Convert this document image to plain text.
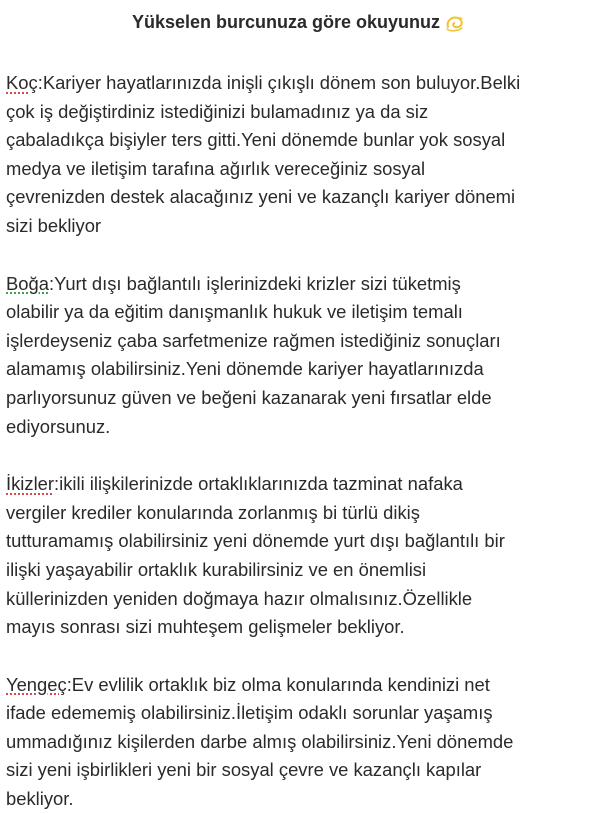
Yükselen burcunuza göre okuyunuz

Koç:Kariyer hayatlarınızda inişli çıkışlı dönem son buluyor.Belki

çok iş değiştirdiniz istediğinizi bulamadınız ya da siz

çabaladıkça bişiyler ters gitti.Yeni dönemde bunlar yok sosyal

medya ve iletişim tarafına ağırlık vereceğiniz sosyal

çevrenizden destek alacağınız yeni ve kazançlı kariyer dönemi

sizi bekliyor

Boğa:Yurt dışı bağlantılı işlerinizdeki krizler sizi tüketmiş

olabilir ya da eğitim danışmanlık hukuk ve iletişim temalı

işlerdeyseniz çaba sarfetmenize rağmen istediğiniz sonuçları

alamamış olabilirsiniz.Yeni dönemde kariyer hayatlarınızda

parlıyorsunuz güven ve beğeni kazanarak yeni fırsatlar elde

ediyorsunuz.

İkizler:ikili ilişkilerinizde ortaklıklarınızda tazminat nafaka

vergiler krediler konularında zorlanmış bi türlü dikiş

tutturamamış olabilirsiniz yeni dönemde yurt dışı bağlantılı bir

ilişki yaşayabilir ortaklık kurabilirsiniz ve en önemlisi

küllerinizden yeniden doğmaya hazır olmalısınız.Özellikle

mayıs sonrası sizi muhteşem gelişmeler bekliyor.

Yengeç:Ev evlilik ortaklık biz olma konularında kendinizi net

ifade edememiş olabilirsiniz.İletişim odaklı sorunlar yaşamış

ummadığınız kişilerden darbe almış olabilirsiniz.Yeni dönemde

sizi yeni işbirlikleri yeni bir sosyal çevre ve kazançlı kapılar

bekliyor.
